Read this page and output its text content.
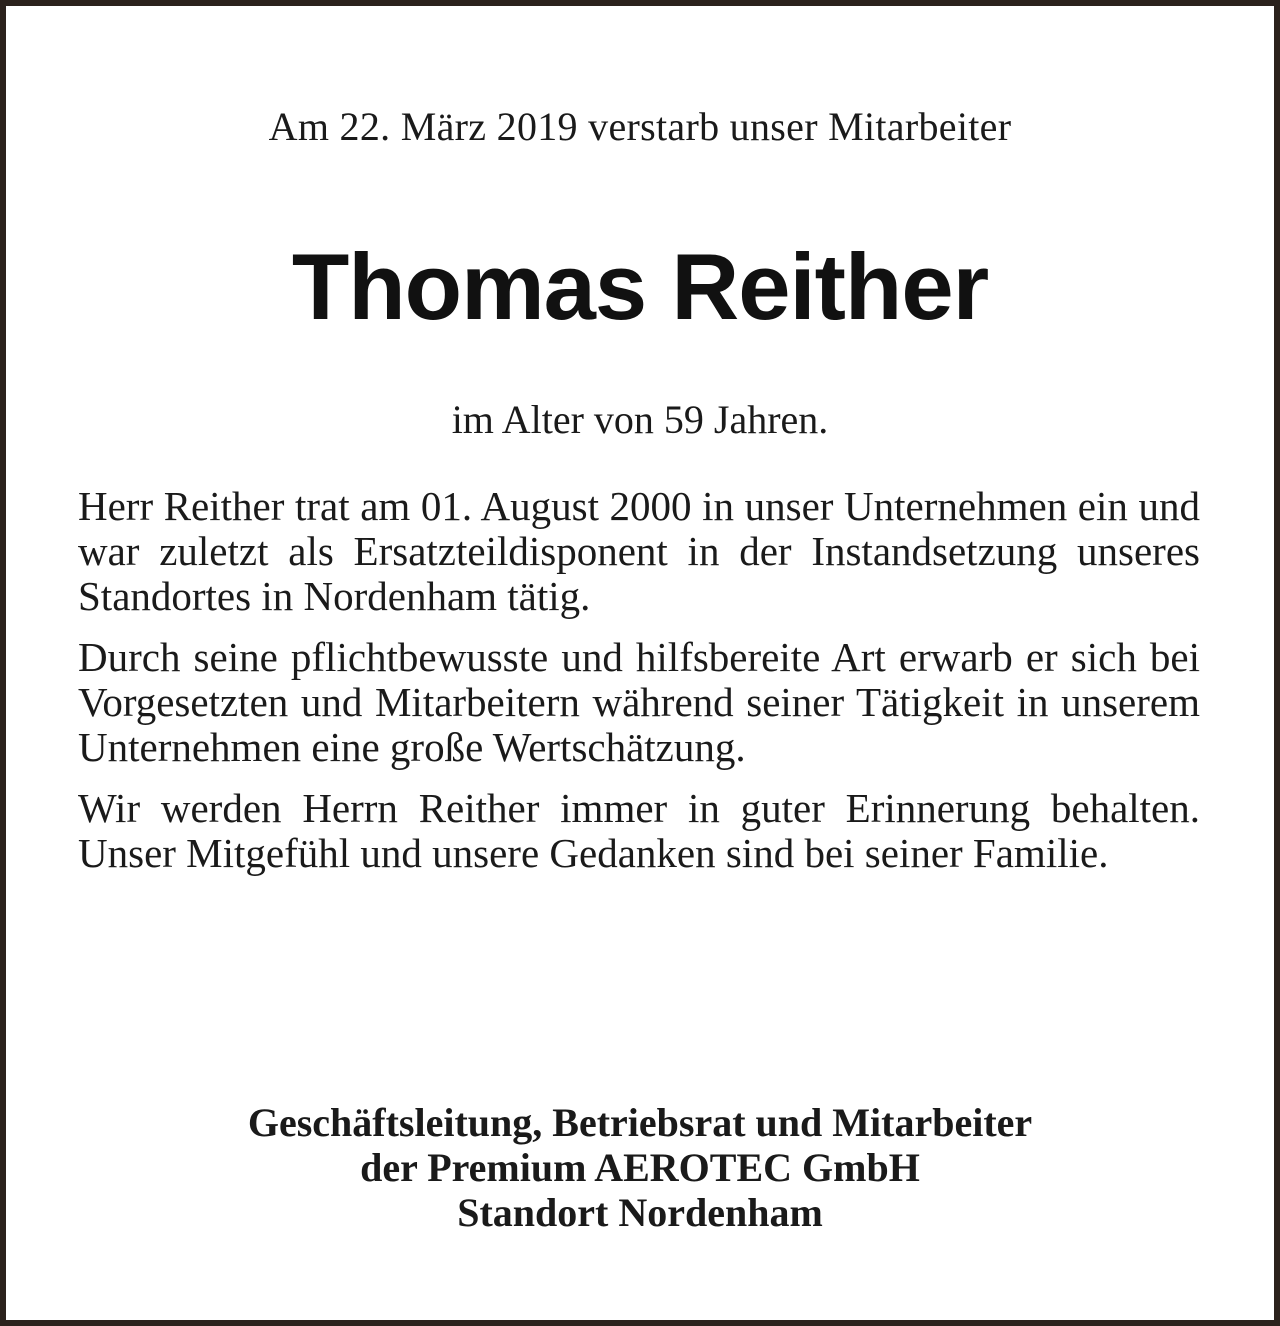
Am 22. März 2019 verstarb unser Mitarbeiter
Thomas Reither
im Alter von 59 Jahren.

Herr Reither trat am 01. August 2000 in unser Unternehmen ein und war zuletzt als Ersatzteildisponent in der Instandsetzung unseres Standortes in Nordenham tätig.

Durch seine pflichtbewusste und hilfsbereite Art erwarb er sich bei Vorgesetzten und Mitarbeitern während seiner Tätigkeit in unserem Unternehmen eine große Wertschätzung.

Wir werden Herrn Reither immer in guter Erinnerung behalten. Unser Mitgefühl und unsere Gedanken sind bei seiner Familie.

Geschäftsleitung, Betriebsrat und Mitarbeiter
der Premium AEROTEC GmbH
Standort Nordenham
